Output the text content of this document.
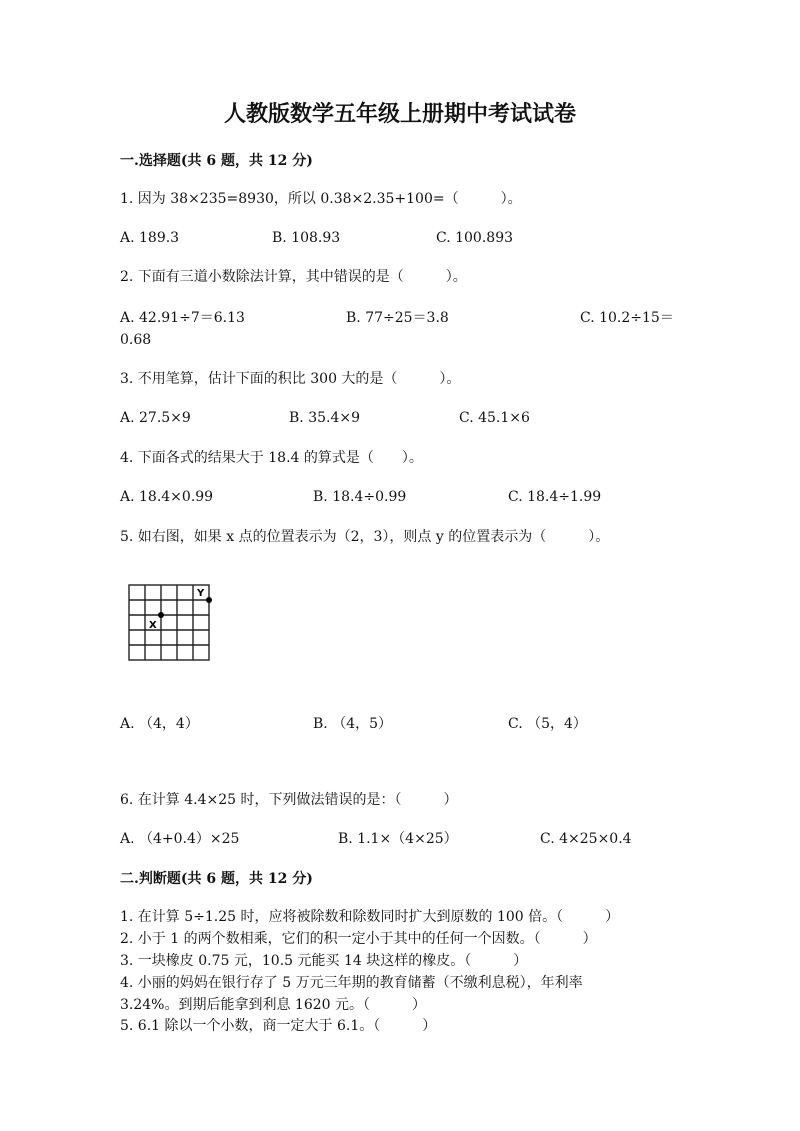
人教版数学五年级上册期中考试试卷
一.选择题(共 6 题，共 12 分)
1. 因为 38×235=8930，所以 0.38×2.35+100=（　　　）。
A. 189.3	B. 108.93	C. 100.893
2. 下面有三道小数除法计算，其中错误的是（　　　）。
A. 42.91÷7＝6.13	B. 77÷25＝3.8	C. 10.2÷15＝
0.68
3. 不用笔算，估计下面的积比 300 大的是（　　　）。
A. 27.5×9	B. 35.4×9	C. 45.1×6
4. 下面各式的结果大于 18.4 的算式是（　　）。
A. 18.4×0.99	B. 18.4÷0.99	C. 18.4÷1.99
5. 如右图，如果 x 点的位置表示为（2，3），则点 y 的位置表示为（　　　）。
X
Y
A. （4，4）	B. （4，5）	C. （5，4）
6. 在计算 4.4×25 时，下列做法错误的是：（　　　）
A. （4+0.4）×25	B. 1.1×（4×25）	C. 4×25×0.4
二.判断题(共 6 题，共 12 分)
1. 在计算 5÷1.25 时，应将被除数和除数同时扩大到原数的 100 倍。（　　　）
2. 小于 1 的两个数相乘，它们的积一定小于其中的任何一个因数。（　　　）
3. 一块橡皮 0.75 元，10.5 元能买 14 块这样的橡皮。（　　　）
4. 小丽的妈妈在银行存了 5 万元三年期的教育储蓄（不缴利息税），年利率
3.24%。到期后能拿到利息 1620 元。（　　　）
5. 6.1 除以一个小数，商一定大于 6.1。（　　　）
